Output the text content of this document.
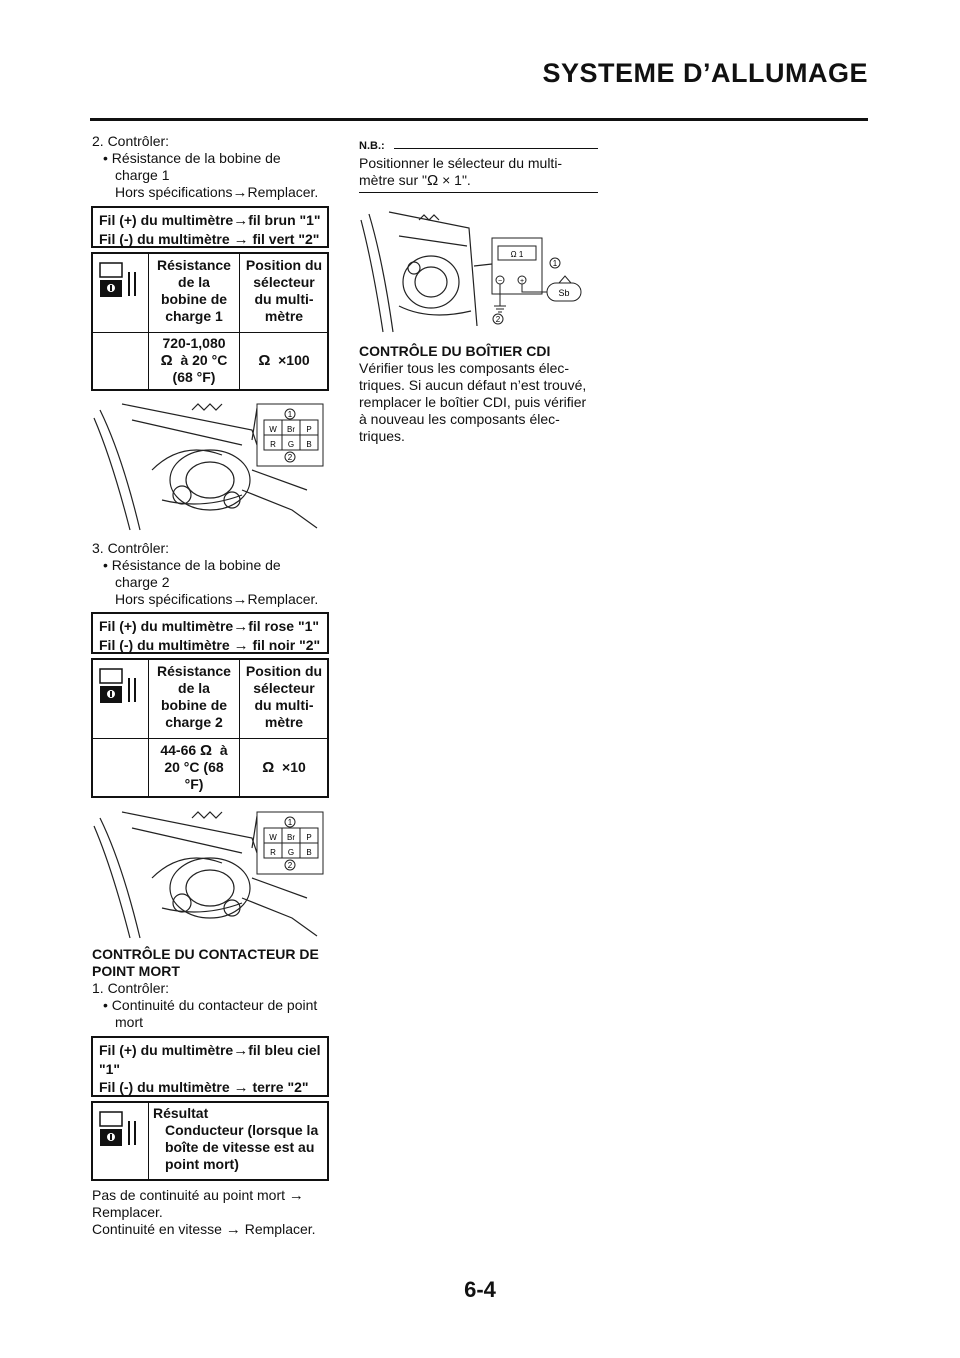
SYSTEME D’ALLUMAGE
2. Contrôler:
• Résistance de la bobine de
charge 1
Hors spécifications→Remplacer.
Fil (+) du multimètre→fil brun "1"
Fil (-) du multimètre → fil vert "2"
Résistance
de la
bobine de
charge 1
Position du
sélecteur
du multi-
mètre
720-1,080
Ω à 20 °C
(68 °F)
Ω ×100
W Br P
R G B
1
2
3. Contrôler:
• Résistance de la bobine de
charge 2
Hors spécifications→Remplacer.
Fil (+) du multimètre→fil rose "1"
Fil (-) du multimètre → fil noir "2"
Résistance
de la
bobine de
charge 2
Position du
sélecteur
du multi-
mètre
44-66 Ω à
20 °C (68
°F)
Ω ×10
W Br P
R G B
1
2
CONTRÔLE DU CONTACTEUR DE
POINT MORT
1. Contrôler:
• Continuité du contacteur de point
mort
Fil (+) du multimètre→fil bleu ciel
"1"
Fil (-) du multimètre → terre "2"
Résultat
Conducteur (lorsque la
boîte de vitesse est au
point mort)
Pas de continuité au point mort →
Remplacer.
Continuité en vitesse → Remplacer.
N.B.:
Positionner le sélecteur du multi-
mètre sur "Ω × 1".
Ω 1
−	+
Sb
1
2
CONTRÔLE DU BOÎTIER CDI
Vérifier tous les composants élec-
triques. Si aucun défaut n’est trouvé,
remplacer le boîtier CDI, puis vérifier
à nouveau les composants élec-
triques.
6-4
